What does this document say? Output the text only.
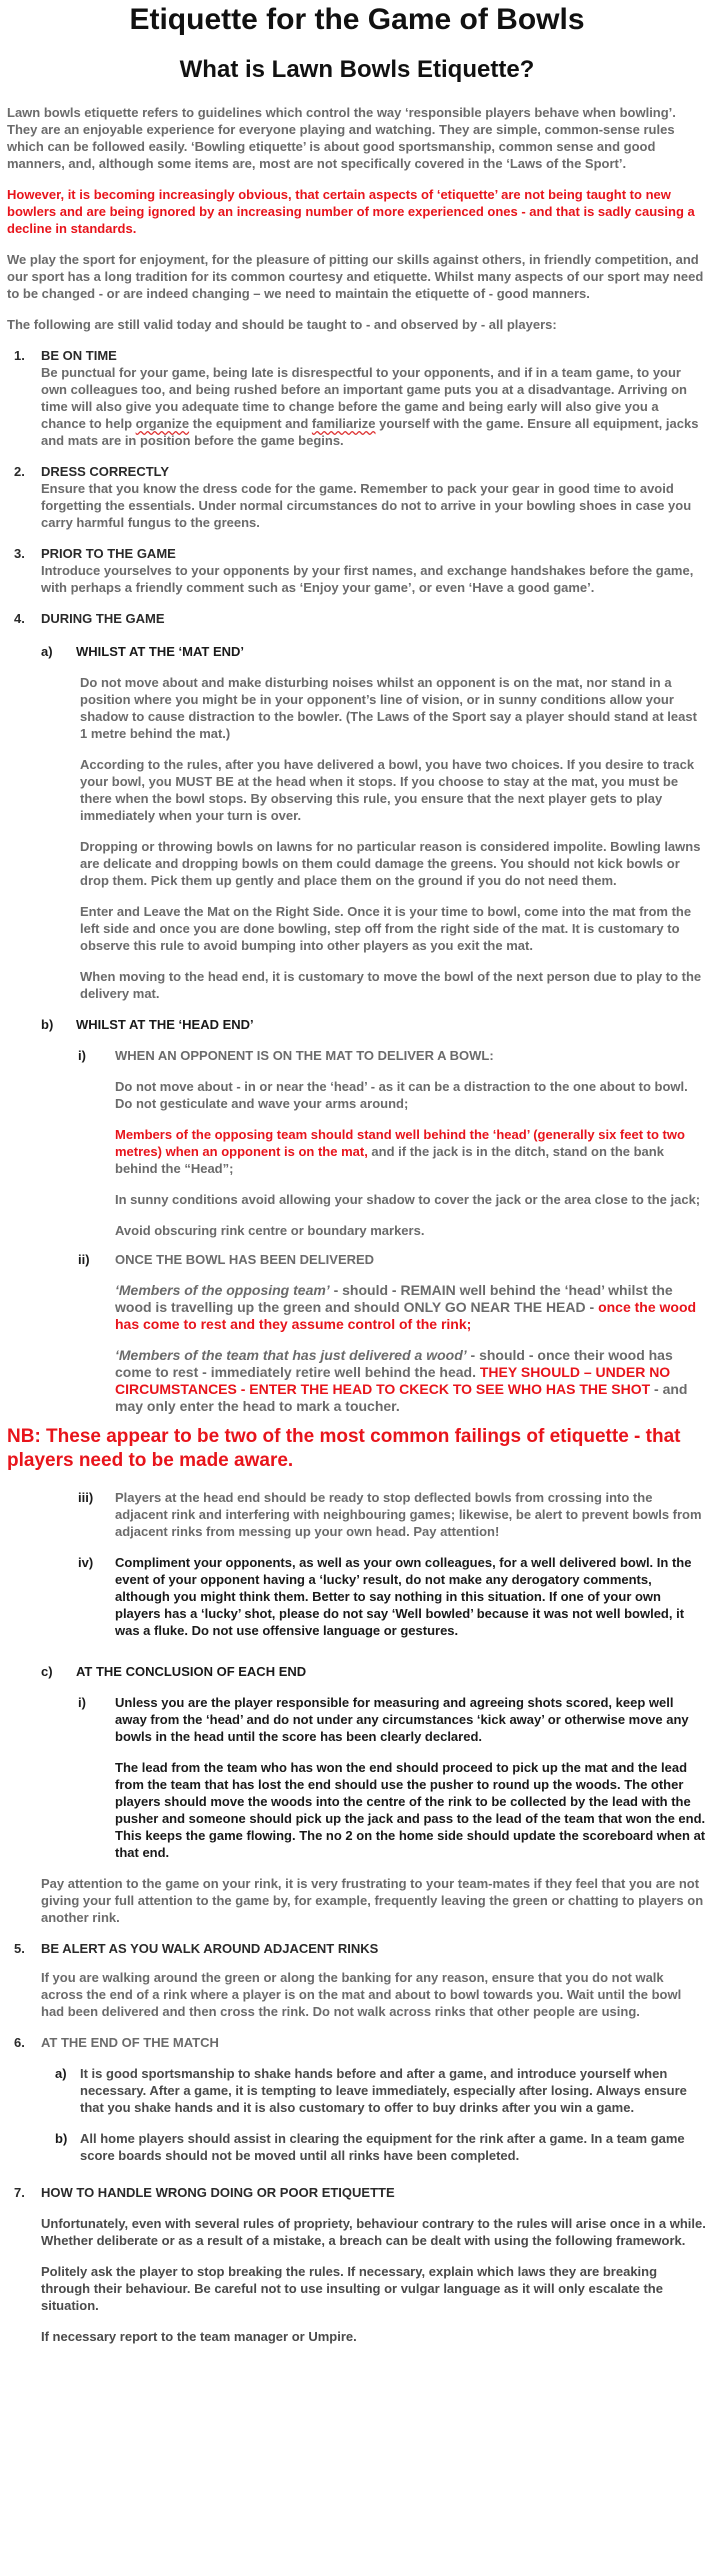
Etiquette for the Game of Bowls
What is Lawn Bowls Etiquette?

Lawn bowls etiquette refers to guidelines which control the way ‘responsible players behave when bowling’. They are an enjoyable experience for everyone playing and watching. They are simple, common-sense rules which can be followed easily. ‘Bowling etiquette’ is about good sportsmanship, common sense and good manners, and, although some items are, most are not specifically covered in the ‘Laws of the Sport’.

However, it is becoming increasingly obvious, that certain aspects of ‘etiquette’ are not being taught to new bowlers and are being ignored by an increasing number of more experienced ones - and that is sadly causing a decline in standards.

We play the sport for enjoyment, for the pleasure of pitting our skills against others, in friendly competition, and our sport has a long tradition for its common courtesy and etiquette. Whilst many aspects of our sport may need to be changed - or are indeed changing – we need to maintain the etiquette of - good manners.

The following are still valid today and should be taught to - and observed by - all players:

1. BE ON TIME

Be punctual for your game, being late is disrespectful to your opponents, and if in a team game, to your own colleagues too, and being rushed before an important game puts you at a disadvantage. Arriving on time will also give you adequate time to change before the game and being early will also give you a chance to help organize the equipment and familiarize yourself with the game. Ensure all equipment, jacks and mats are in position before the game begins.

2. DRESS CORRECTLY

Ensure that you know the dress code for the game. Remember to pack your gear in good time to avoid forgetting the essentials. Under normal circumstances do not to arrive in your bowling shoes in case you carry harmful fungus to the greens.

3. PRIOR TO THE GAME

Introduce yourselves to your opponents by your first names, and exchange handshakes before the game, with perhaps a friendly comment such as ‘Enjoy your game’, or even ‘Have a good game’.

4. DURING THE GAME
a) WHILST AT THE ‘MAT END’

Do not move about and make disturbing noises whilst an opponent is on the mat, nor stand in a position where you might be in your opponent’s line of vision, or in sunny conditions allow your shadow to cause distraction to the bowler. (The Laws of the Sport say a player should stand at least 1 metre behind the mat.)

According to the rules, after you have delivered a bowl, you have two choices. If you desire to track your bowl, you MUST BE at the head when it stops. If you choose to stay at the mat, you must be there when the bowl stops. By observing this rule, you ensure that the next player gets to play immediately when your turn is over.

Dropping or throwing bowls on lawns for no particular reason is considered impolite. Bowling lawns are delicate and dropping bowls on them could damage the greens. You should not kick bowls or drop them. Pick them up gently and place them on the ground if you do not need them.

Enter and Leave the Mat on the Right Side. Once it is your time to bowl, come into the mat from the left side and once you are done bowling, step off from the right side of the mat. It is customary to observe this rule to avoid bumping into other players as you exit the mat.

When moving to the head end, it is customary to move the bowl of the next person due to play to the delivery mat.

b) WHILST AT THE ‘HEAD END’
i) WHEN AN OPPONENT IS ON THE MAT TO DELIVER A BOWL:

Do not move about - in or near the ‘head’ - as it can be a distraction to the one about to bowl. Do not gesticulate and wave your arms around;

Members of the opposing team should stand well behind the ‘head’ (generally six feet to two metres) when an opponent is on the mat, and if the jack is in the ditch, stand on the bank behind the “Head”;

In sunny conditions avoid allowing your shadow to cover the jack or the area close to the jack;

Avoid obscuring rink centre or boundary markers.

ii) ONCE THE BOWL HAS BEEN DELIVERED

‘Members of the opposing team’ - should - REMAIN well behind the ‘head’ whilst the wood is travelling up the green and should ONLY GO NEAR THE HEAD - once the wood has come to rest and they assume control of the rink;

‘Members of the team that has just delivered a wood’ - should - once their wood has come to rest - immediately retire well behind the head. THEY SHOULD – UNDER NO CIRCUMSTANCES - ENTER THE HEAD TO CKECK TO SEE WHO HAS THE SHOT - and may only enter the head to mark a toucher.

NB: These appear to be two of the most common failings of etiquette - that players need to be made aware.

iii) Players at the head end should be ready to stop deflected bowls from crossing into the adjacent rink and interfering with neighbouring games; likewise, be alert to prevent bowls from adjacent rinks from messing up your own head. Pay attention!

iv) Compliment your opponents, as well as your own colleagues, for a well delivered bowl. In the event of your opponent having a ‘lucky’ result, do not make any derogatory comments, although you might think them. Better to say nothing in this situation. If one of your own players has a ‘lucky’ shot, please do not say ‘Well bowled’ because it was not well bowled, it was a fluke. Do not use offensive language or gestures.

c) AT THE CONCLUSION OF EACH END
i) Unless you are the player responsible for measuring and agreeing shots scored, keep well away from the ‘head’ and do not under any circumstances ‘kick away’ or otherwise move any bowls in the head until the score has been clearly declared.

The lead from the team who has won the end should proceed to pick up the mat and the lead from the team that has lost the end should use the pusher to round up the woods. The other players should move the woods into the centre of the rink to be collected by the lead with the pusher and someone should pick up the jack and pass to the lead of the team that won the end. This keeps the game flowing. The no 2 on the home side should update the scoreboard when at that end.

Pay attention to the game on your rink, it is very frustrating to your team-mates if they feel that you are not giving your full attention to the game by, for example, frequently leaving the green or chatting to players on another rink.

5. BE ALERT AS YOU WALK AROUND ADJACENT RINKS

If you are walking around the green or along the banking for any reason, ensure that you do not walk across the end of a rink where a player is on the mat and about to bowl towards you. Wait until the bowl had been delivered and then cross the rink. Do not walk across rinks that other people are using.

6. AT THE END OF THE MATCH
a) It is good sportsmanship to shake hands before and after a game, and introduce yourself when necessary. After a game, it is tempting to leave immediately, especially after losing. Always ensure that you shake hands and it is also customary to offer to buy drinks after you win a game.

b) All home players should assist in clearing the equipment for the rink after a game. In a team game score boards should not be moved until all rinks have been completed.

7. HOW TO HANDLE WRONG DOING OR POOR ETIQUETTE

Unfortunately, even with several rules of propriety, behaviour contrary to the rules will arise once in a while. Whether deliberate or as a result of a mistake, a breach can be dealt with using the following framework.

Politely ask the player to stop breaking the rules. If necessary, explain which laws they are breaking through their behaviour. Be careful not to use insulting or vulgar language as it will only escalate the situation.

If necessary report to the team manager or Umpire.
